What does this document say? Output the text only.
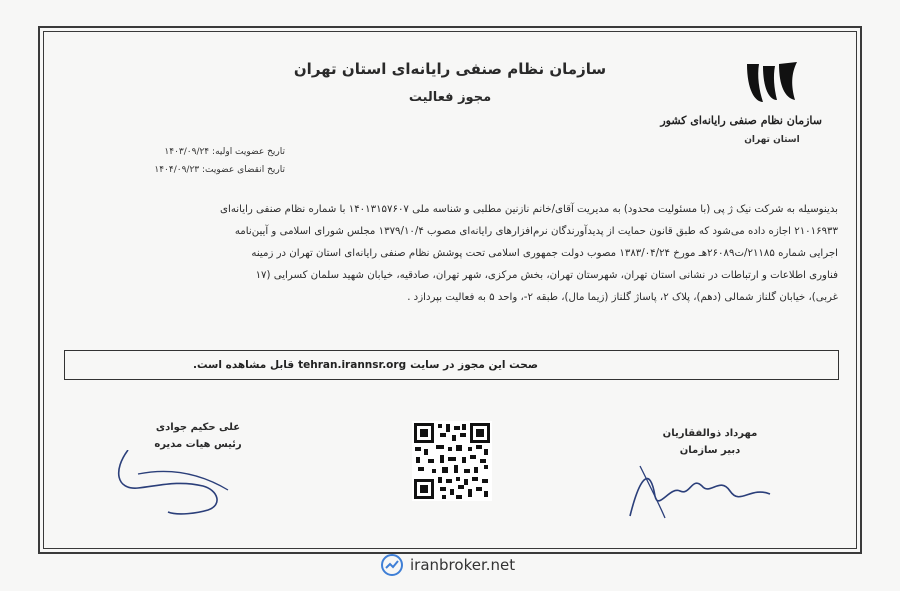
سازمان نظام صنفی رایانه‌ای استان تهران
مجوز فعالیت
سازمان نظام صنفی رایانه‌ای کشور
استان تهران
تاریخ عضویت اولیه: ۱۴۰۳/۰۹/۲۴
تاریخ انقضای عضویت: ۱۴۰۴/۰۹/۲۳
بدینوسیله به شرکت نیک ژ پی (با مسئولیت محدود) به مدیریت آقای/خانم نازنین مطلبی و شناسه ملی ۱۴۰۱۳۱۵۷۶۰۷ با شماره نظام صنفی رایانه‌ای
۲۱۰۱۶۹۳۳ اجازه داده می‌شود که طبق قانون حمایت از پدیدآورندگان نرم‌افزارهای رایانه‌ای مصوب ۱۳۷۹/۱۰/۴ مجلس شورای اسلامی و آیین‌نامه
اجرایی شماره ۲۱۱۸۵/ت۲۶۰۸۹هـ مورخ ۱۳۸۳/۰۴/۲۴ مصوب دولت جمهوری اسلامی تحت پوشش نظام صنفی رایانه‌ای استان تهران در زمینه
فناوری اطلاعات و ارتباطات در نشانی استان تهران، شهرستان تهران، بخش مرکزی، شهر تهران، صادقیه، خیابان شهید سلمان کسرایی (۱۷
غربی)، خیابان گلناز شمالی (دهم)، پلاک ۲، پاساژ گلناز (زیما مال)، طبقه ۲-، واحد ۵ به فعالیت بپردازد .
قابل مشاهده است. tehran.irannsr.org صحت این مجوز در سایت
علی حکیم جوادی
رئیس هیات مدیره
مهرداد ذوالفقاریان
دبیر سازمان
iranbroker.net
